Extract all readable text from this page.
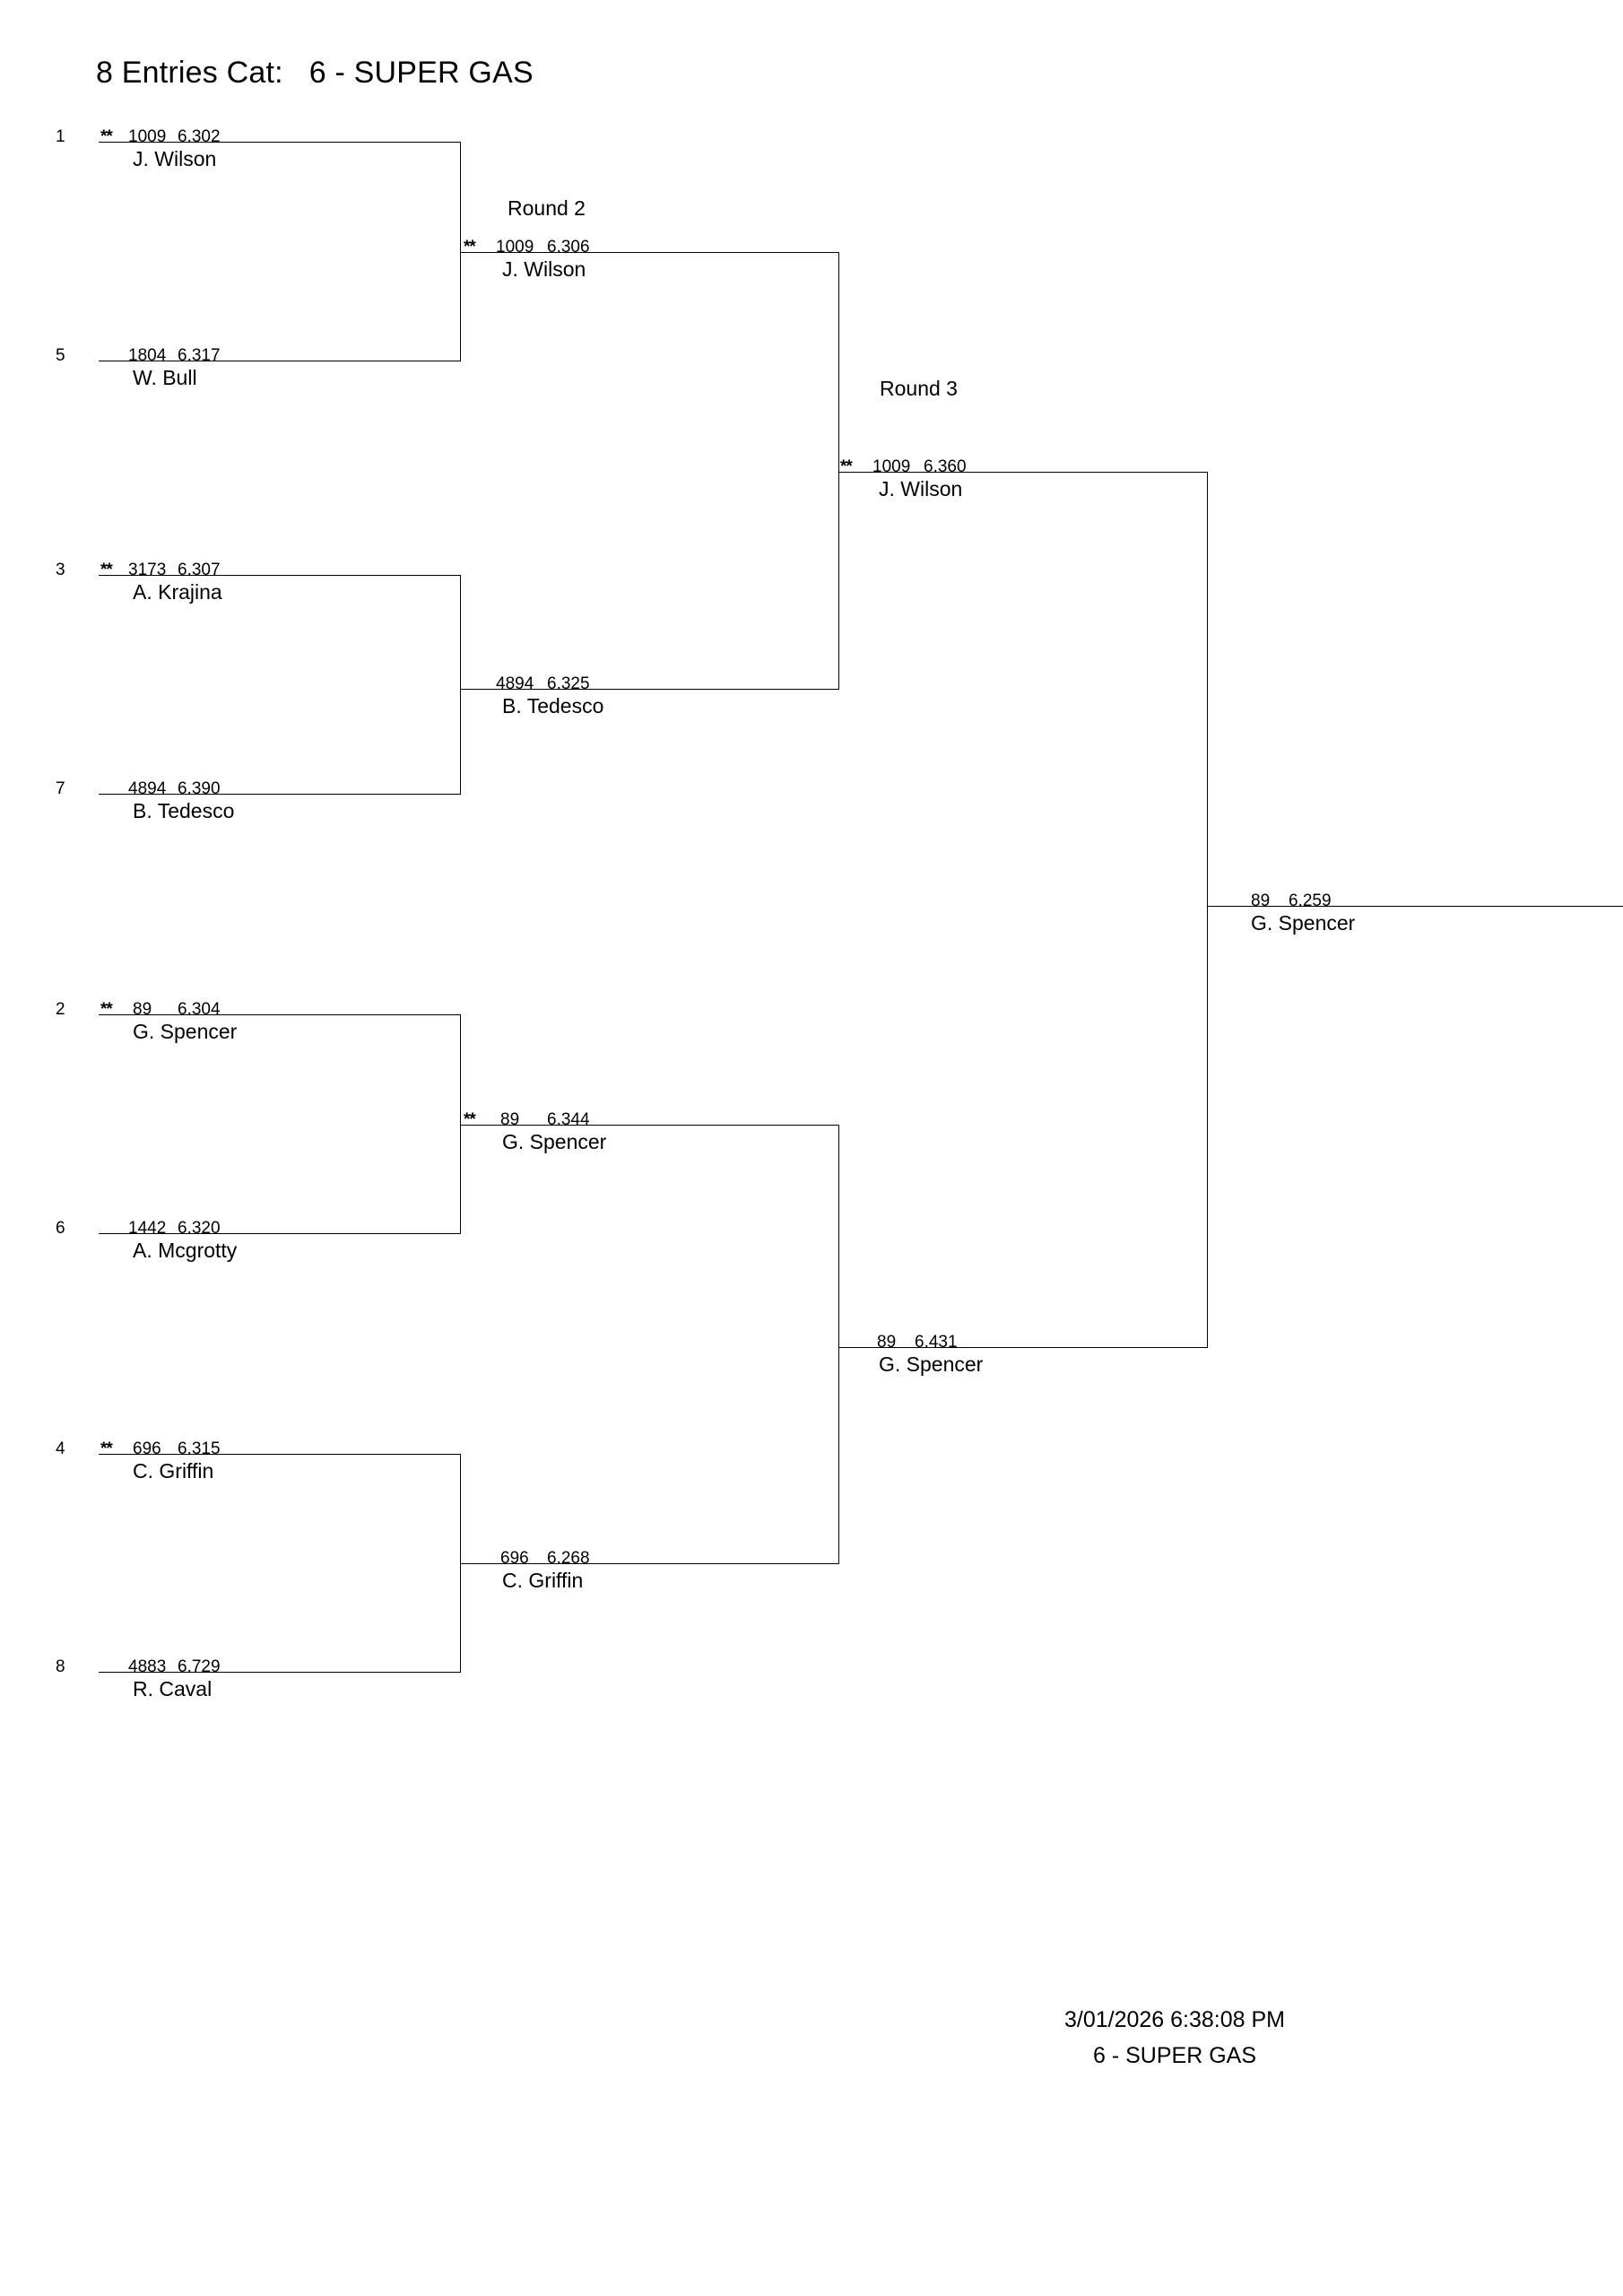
8 Entries Cat:   6 - SUPER GAS
1 ** 1009 6.302
J. Wilson
5	1804 6.317
W. Bull
3 ** 3173 6.307
A. Krajina
7	4894 6.390
B. Tedesco
2 ** 89 6.304
G. Spencer
6	1442 6.320
A. Mcgrotty
4 ** 696 6.315
C. Griffin
8	4883 6.729
R. Caval
Round 2
** 1009 6.306
J. Wilson
4894 6.325
B. Tedesco
** 89 6.344
G. Spencer
696 6.268
C. Griffin
Round 3
** 1009 6.360
J. Wilson
89 6.431
G. Spencer
89 6.259
G. Spencer
3/01/2026 6:38:08 PM
6 - SUPER GAS
